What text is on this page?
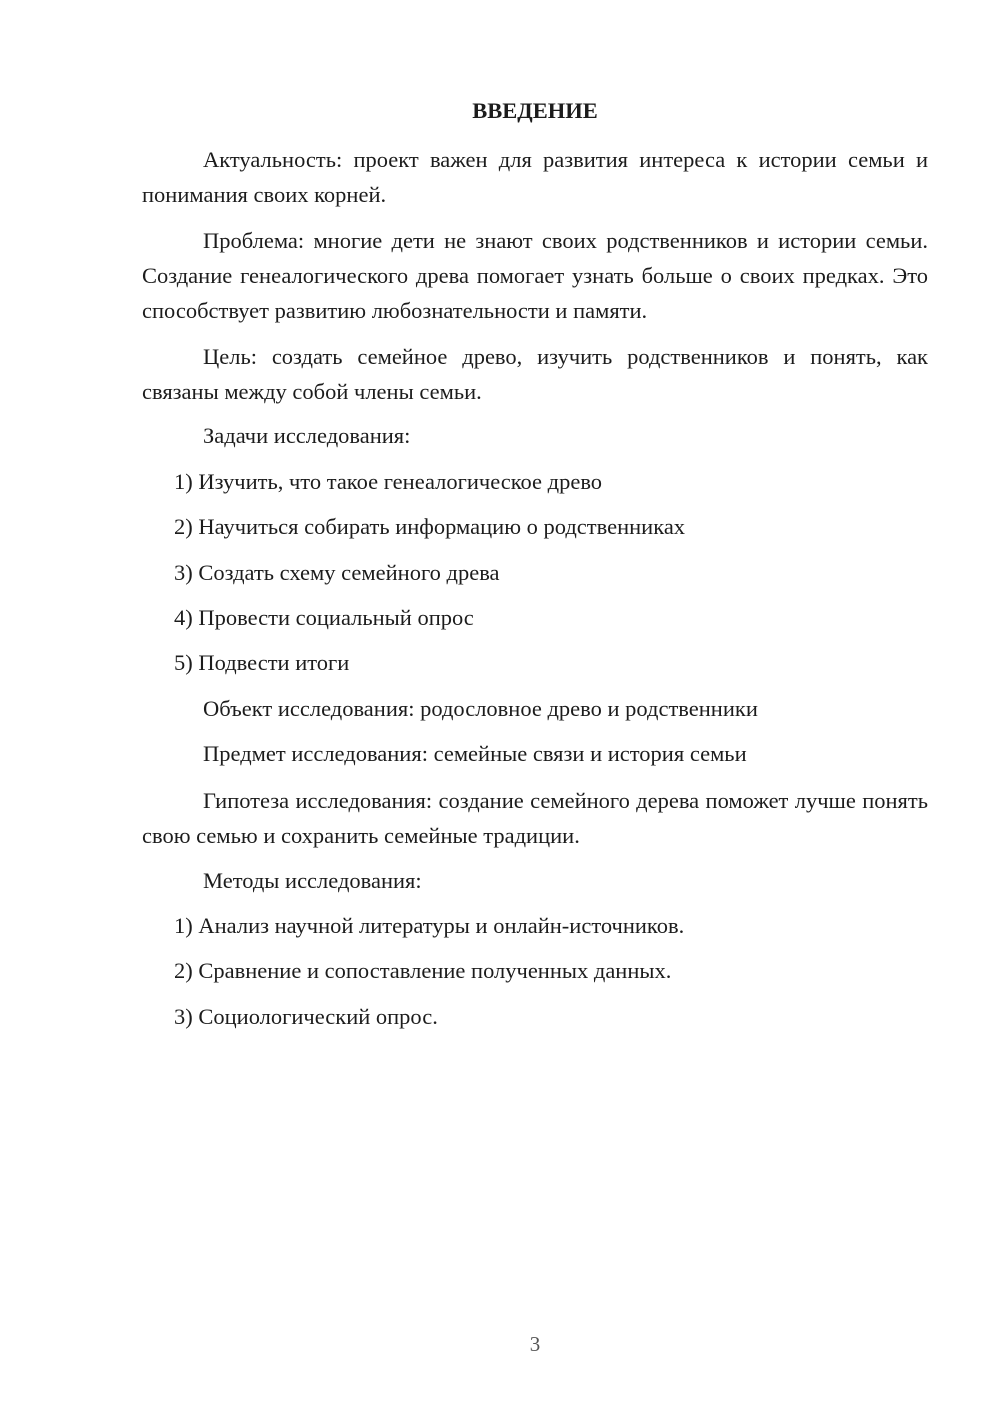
ВВЕДЕНИЕ

Актуальность: проект важен для развития интереса к истории семьи и понимания своих корней.

Проблема: многие дети не знают своих родственников и истории семьи. Создание генеалогического древа помогает узнать больше о своих предках. Это способствует развитию любознательности и памяти.

Цель: создать семейное древо, изучить родственников и понять, как связаны между собой члены семьи.

Задачи исследования:

1) Изучить, что такое генеалогическое древо

2) Научиться собирать информацию о родственниках

3) Создать схему семейного древа

4) Провести социальный опрос

5) Подвести итоги

Объект исследования: родословное древо и родственники

Предмет исследования: семейные связи и история семьи

Гипотеза исследования: создание семейного дерева поможет лучше понять свою семью и сохранить семейные традиции.

Методы исследования:

1) Анализ научной литературы и онлайн-источников.

2) Сравнение и сопоставление полученных данных.

3) Социологический опрос.

3
